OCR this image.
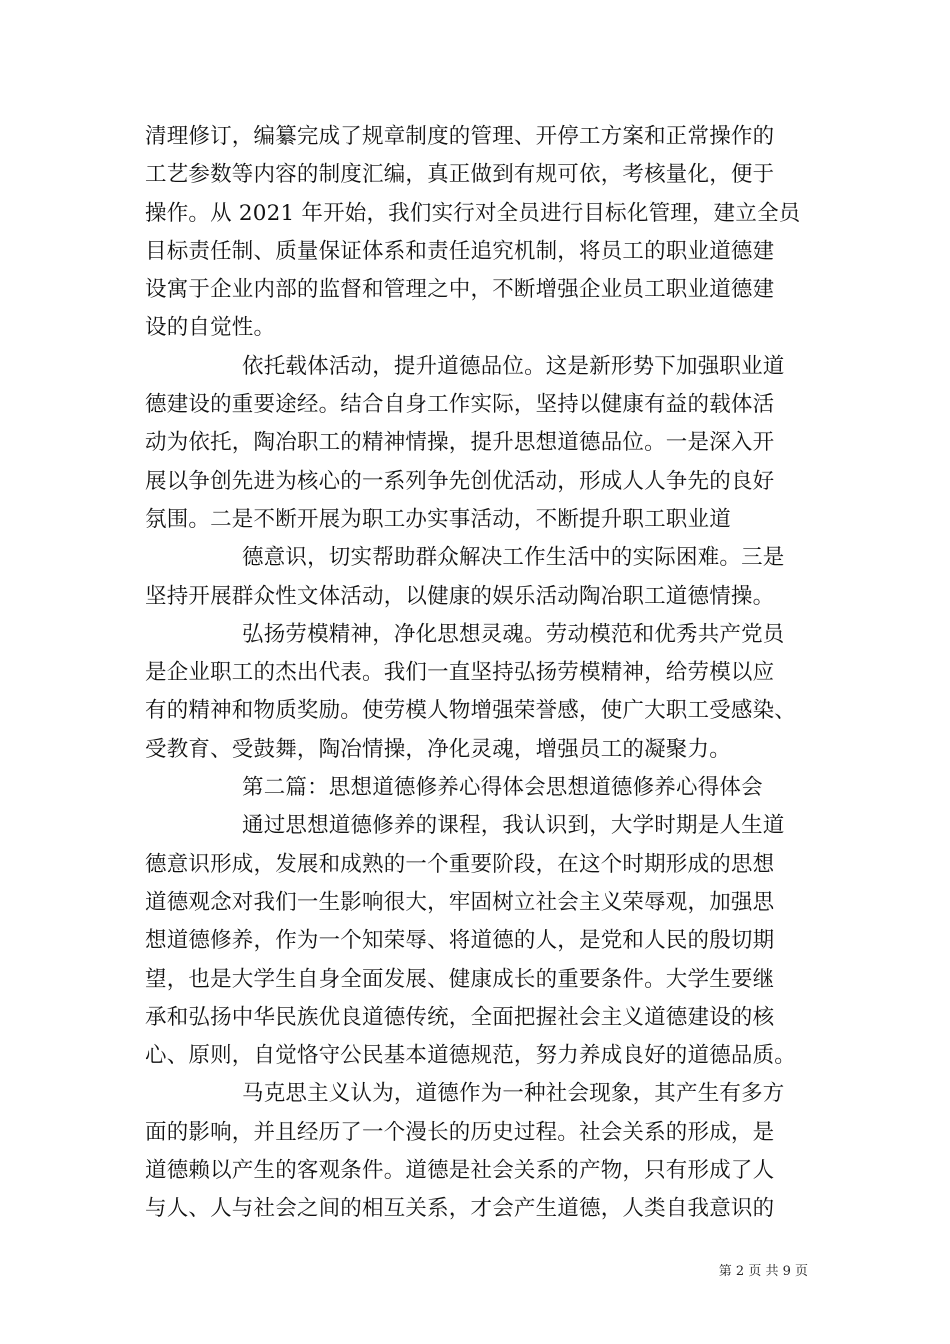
清理修订，编纂完成了规章制度的管理、开停工方案和正常操作的
工艺参数等内容的制度汇编，真正做到有规可依，考核量化，便于
操作。从 2021 年开始，我们实行对全员进行目标化管理，建立全员
目标责任制、质量保证体系和责任追究机制，将员工的职业道德建
设寓于企业内部的监督和管理之中，不断增强企业员工职业道德建
设的自觉性。
依托载体活动，提升道德品位。这是新形势下加强职业道
德建设的重要途经。结合自身工作实际，坚持以健康有益的载体活
动为依托，陶冶职工的精神情操，提升思想道德品位。一是深入开
展以争创先进为核心的一系列争先创优活动，形成人人争先的良好
氛围。二是不断开展为职工办实事活动，不断提升职工职业道
德意识，切实帮助群众解决工作生活中的实际困难。三是
坚持开展群众性文体活动，以健康的娱乐活动陶冶职工道德情操。
弘扬劳模精神，净化思想灵魂。劳动模范和优秀共产党员
是企业职工的杰出代表。我们一直坚持弘扬劳模精神，给劳模以应
有的精神和物质奖励。使劳模人物增强荣誉感，使广大职工受感染、
受教育、受鼓舞，陶冶情操，净化灵魂，增强员工的凝聚力。
第二篇：思想道德修养心得体会思想道德修养心得体会
通过思想道德修养的课程，我认识到，大学时期是人生道
德意识形成，发展和成熟的一个重要阶段，在这个时期形成的思想
道德观念对我们一生影响很大，牢固树立社会主义荣辱观，加强思
想道德修养，作为一个知荣辱、将道德的人，是党和人民的殷切期
望，也是大学生自身全面发展、健康成长的重要条件。大学生要继
承和弘扬中华民族优良道德传统，全面把握社会主义道德建设的核
心、原则，自觉恪守公民基本道德规范，努力养成良好的道德品质。
马克思主义认为，道德作为一种社会现象，其产生有多方
面的影响，并且经历了一个漫长的历史过程。社会关系的形成，是
道德赖以产生的客观条件。道德是社会关系的产物，只有形成了人
与人、人与社会之间的相互关系，才会产生道德，人类自我意识的
第 2 页 共 9 页
